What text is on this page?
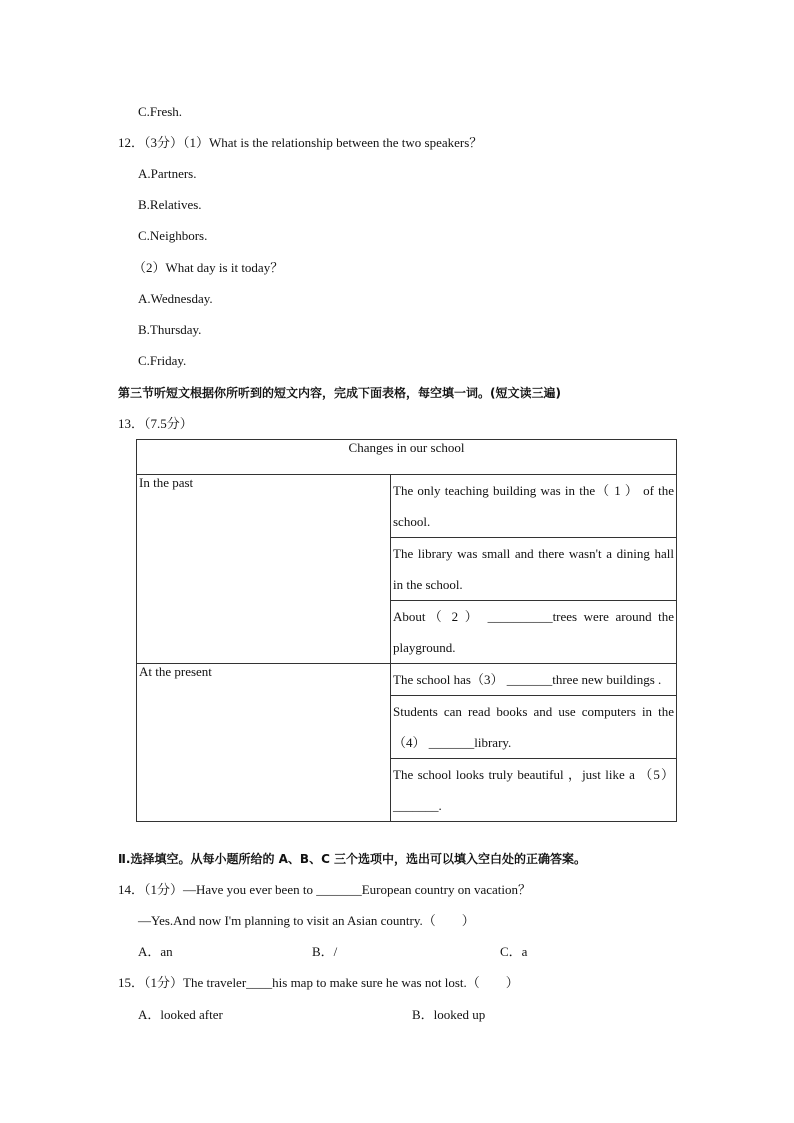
C.Fresh.
12．（3分）（1）What is the relationship between the two speakers？
A.Partners.
B.Relatives.
C.Neighbors.
（2）What day is it today？
A.Wednesday.
B.Thursday.
C.Friday.
第三节听短文根据你所听到的短文内容，完成下面表格，每空填一词。(短文读三遍)
13．（7.5分）
Changes in our school	
In the past	The only teaching building was in the（ 1 ） of the school.

	The library was small and there wasn't a dining hall in the school.

	About（ 2 ） __________trees were around the playground.

At the present	The school has（3） _______three new buildings .

	Students can read books and use computers in the（4） _______library.

	The school looks truly beautiful ，just like a （5） _______.
Ⅱ.选择填空。从每小题所给的 A、B、C 三个选项中，选出可以填入空白处的正确答案。
14．（1分）—Have you ever been to _______European country on vacation？
—Yes.And now I'm planning to visit an Asian country.（　　）
A．an	B．/	C．a
15．（1分）The traveler____his map to make sure he was not lost.（　　）
A．looked after	B．looked up
